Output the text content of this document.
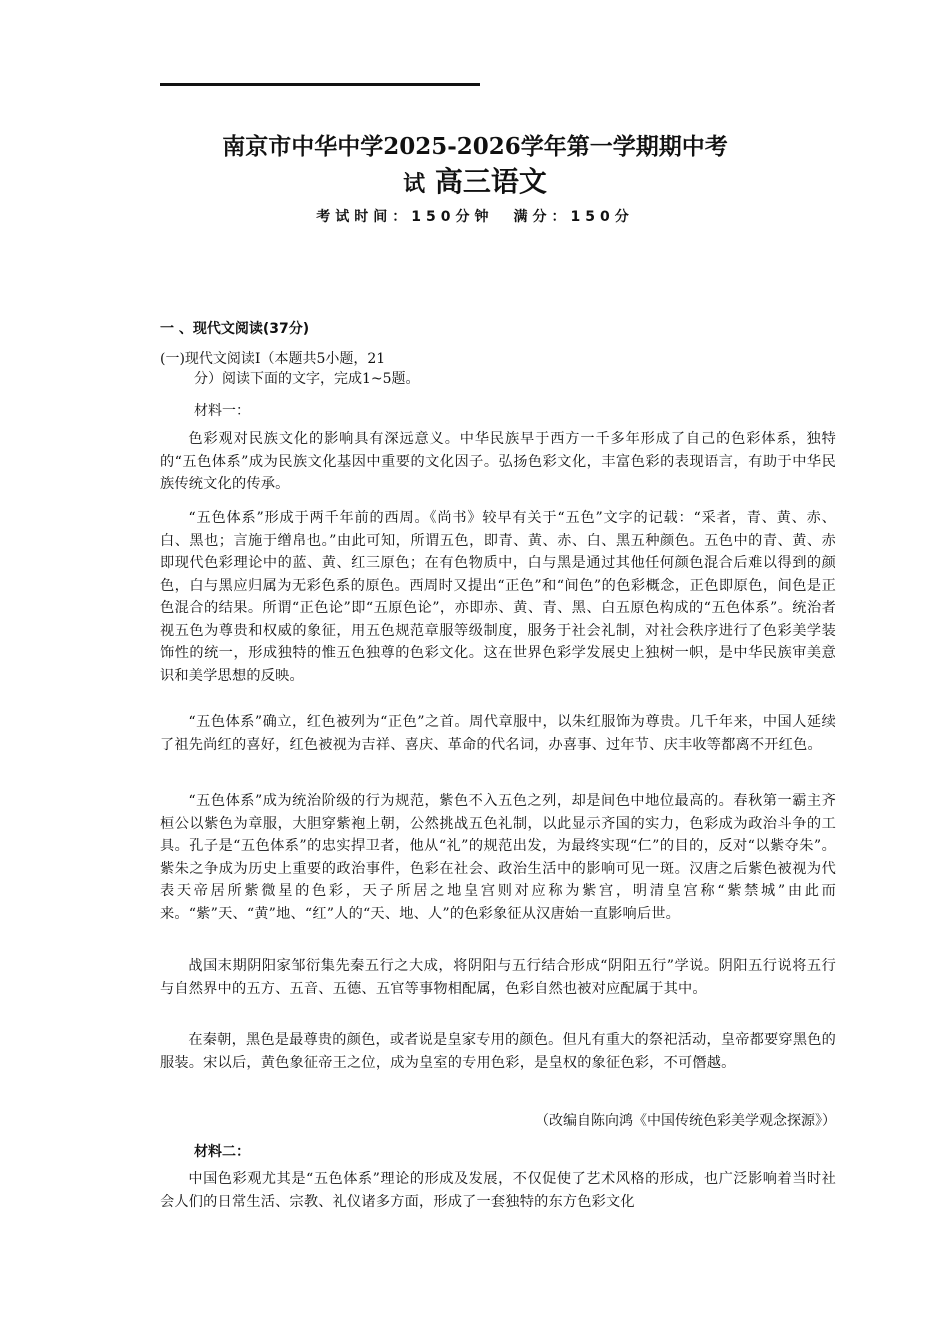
南京市中华中学2025-2026学年第一学期期中考
试 高三语文
考试时间：150分钟 满分：150分
一 、现代文阅读(37分)
(一)现代文阅读Ⅰ（本题共5小题，21
分）阅读下面的文字，完成1~5题。
材料一：
色彩观对民族文化的影响具有深远意义。中华民族早于西方一千多年形成了自己的色彩体系，独特的“五色体系”成为民族文化基因中重要的文化因子。弘扬色彩文化，丰富色彩的表现语言，有助于中华民族传统文化的传承。
“五色体系”形成于两千年前的西周。《尚书》较早有关于“五色”文字的记载：“采者，青、黄、赤、白、黑也；言施于缯帛也。”由此可知，所谓五色，即青、黄、赤、白、黑五种颜色。五色中的青、黄、赤即现代色彩理论中的蓝、黄、红三原色；在有色物质中，白与黑是通过其他任何颜色混合后难以得到的颜色，白与黑应归属为无彩色系的原色。西周时又提出“正色”和“间色”的色彩概念，正色即原色，间色是正色混合的结果。所谓“正色论”即“五原色论”，亦即赤、黄、青、黑、白五原色构成的“五色体系”。统治者视五色为尊贵和权威的象征，用五色规范章服等级制度，服务于社会礼制，对社会秩序进行了色彩美学装饰性的统一，形成独特的惟五色独尊的色彩文化。这在世界色彩学发展史上独树一帜，是中华民族审美意识和美学思想的反映。
“五色体系”确立，红色被列为“正色”之首。周代章服中，以朱红服饰为尊贵。几千年来，中国人延续了祖先尚红的喜好，红色被视为吉祥、喜庆、革命的代名词，办喜事、过年节、庆丰收等都离不开红色。
“五色体系”成为统治阶级的行为规范，紫色不入五色之列，却是间色中地位最高的。春秋第一霸主齐桓公以紫色为章服，大胆穿紫袍上朝，公然挑战五色礼制，以此显示齐国的实力，色彩成为政治斗争的工具。孔子是“五色体系”的忠实捍卫者，他从“礼”的规范出发，为最终实现“仁”的目的，反对“以紫夺朱”。紫朱之争成为历史上重要的政治事件，色彩在社会、政治生活中的影响可见一斑。汉唐之后紫色被视为代表天帝居所紫微星的色彩，天子所居之地皇宫则对应称为紫宫，明清皇宫称“紫禁城”由此而来。“紫”天、“黄”地、“红”人的“天、地、人”的色彩象征从汉唐始一直影响后世。
战国末期阴阳家邹衍集先秦五行之大成，将阴阳与五行结合形成“阴阳五行”学说。阴阳五行说将五行与自然界中的五方、五音、五德、五官等事物相配属，色彩自然也被对应配属于其中。
在秦朝，黑色是最尊贵的颜色，或者说是皇家专用的颜色。但凡有重大的祭祀活动，皇帝都要穿黑色的服装。宋以后，黄色象征帝王之位，成为皇室的专用色彩，是皇权的象征色彩，不可僭越。
（改编自陈向鸿《中国传统色彩美学观念探源》）
材料二：
中国色彩观尤其是“五色体系”理论的形成及发展，不仅促使了艺术风格的形成，也广泛影响着当时社会人们的日常生活、宗教、礼仪诸多方面，形成了一套独特的东方色彩文化
